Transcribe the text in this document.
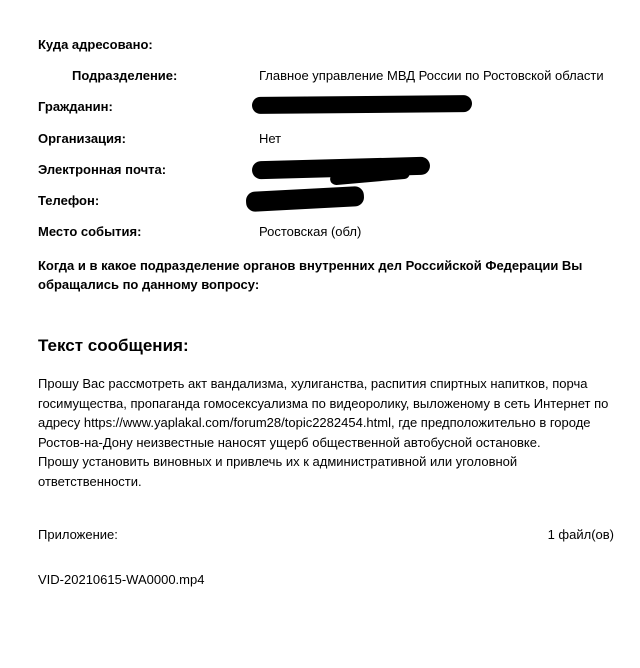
Куда адресовано:
Подразделение:	Главное управление МВД России по Ростовской области
Гражданин:
Организация:	Нет
Электронная почта:
Телефон:
Место события:	Ростовская (обл)
Когда и в какое подразделение органов внутренних дел Российской Федерации Вы обращались по данному вопросу:
Текст сообщения:
Прошу Вас рассмотреть акт вандализма, хулиганства, распития спиртных напитков, порча
госимущества, пропаганда гомосексуализма по видеоролику, выложеному в сеть Интернет по
адресу https://www.yaplakal.com/forum28/topic2282454.html, где предположительно в городе
Ростов-на-Дону неизвестные наносят ущерб общественной автобусной остановке.
Прошу установить виновных и привлечь их к административной или уголовной
ответственности.
Приложение:	1 файл(ов)
VID-20210615-WA0000.mp4
